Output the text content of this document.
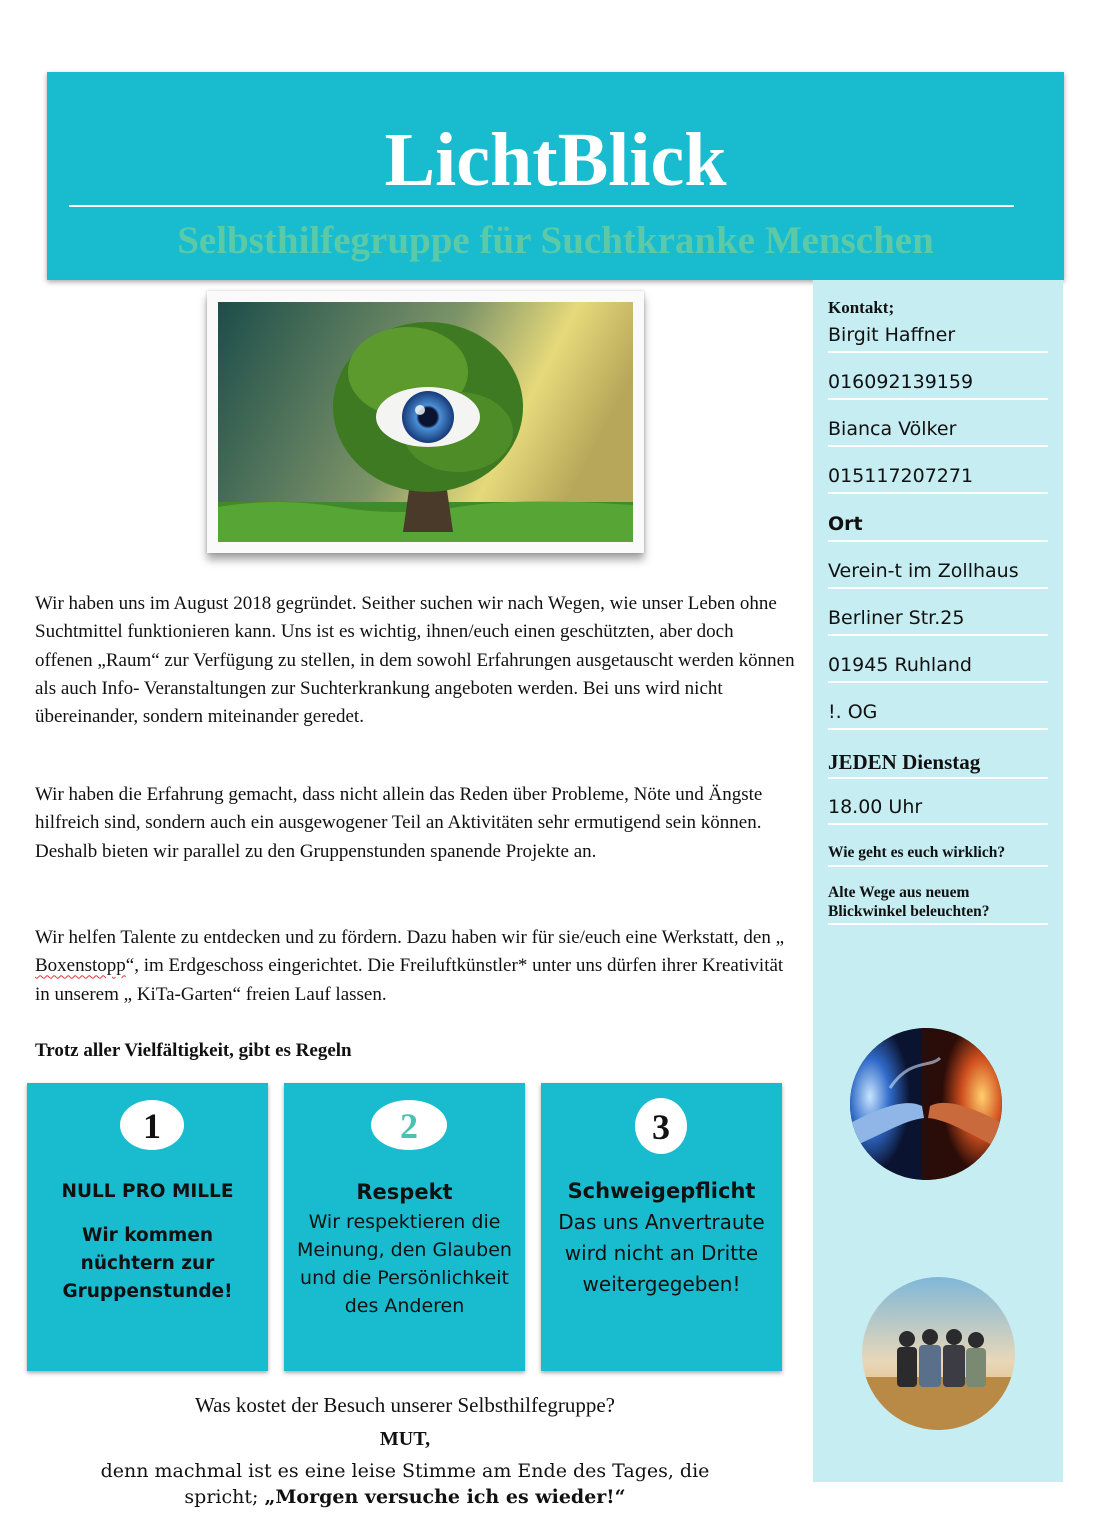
LichtBlick
Selbsthilfegruppe für Suchtkranke Menschen
Kontakt;
Birgit Haffner
016092139159
Bianca Völker
015117207271
Ort
Verein-t im Zollhaus
Berliner Str.25
01945 Ruhland
!. OG
JEDEN Dienstag
18.00 Uhr
Wie geht es euch wirklich?
Alte Wege aus neuem Blickwinkel beleuchten?

Wir haben uns im August 2018 gegründet. Seither suchen wir nach Wegen, wie unser Leben ohne Suchtmittel funktionieren kann. Uns ist es wichtig, ihnen/euch einen geschützten, aber doch offenen „Raum“ zur Verfügung zu stellen, in dem sowohl Erfahrungen ausgetauscht werden können als auch Info- Veranstaltungen zur Suchterkrankung angeboten werden. Bei uns wird nicht übereinander, sondern miteinander geredet.

Wir haben die Erfahrung gemacht, dass nicht allein das Reden über Probleme, Nöte und Ängste hilfreich sind, sondern auch ein ausgewogener Teil an Aktivitäten sehr ermutigend sein können. Deshalb bieten wir parallel zu den Gruppenstunden spanende Projekte an.

Wir helfen Talente zu entdecken und zu fördern. Dazu haben wir für sie/euch eine Werkstatt, den „ Boxenstopp“, im Erdgeschoss eingerichtet. Die Freiluftkünstler* unter uns dürfen ihrer Kreativität in unserem „ KiTa-Garten“ freien Lauf lassen.

Trotz aller Vielfältigkeit, gibt es Regeln
1
NULL PRO MILLE
Wir kommen nüchtern zur Gruppenstunde!
2
Respekt
Wir respektieren die Meinung, den Glauben und die Persönlichkeit des Anderen
3
Schweigepflicht
Das uns Anvertraute wird nicht an Dritte weitergegeben!
Was kostet der Besuch unserer Selbsthilfegruppe?
MUT,
denn machmal ist es eine leise Stimme am Ende des Tages, die
spricht; „Morgen versuche ich es wieder!“
